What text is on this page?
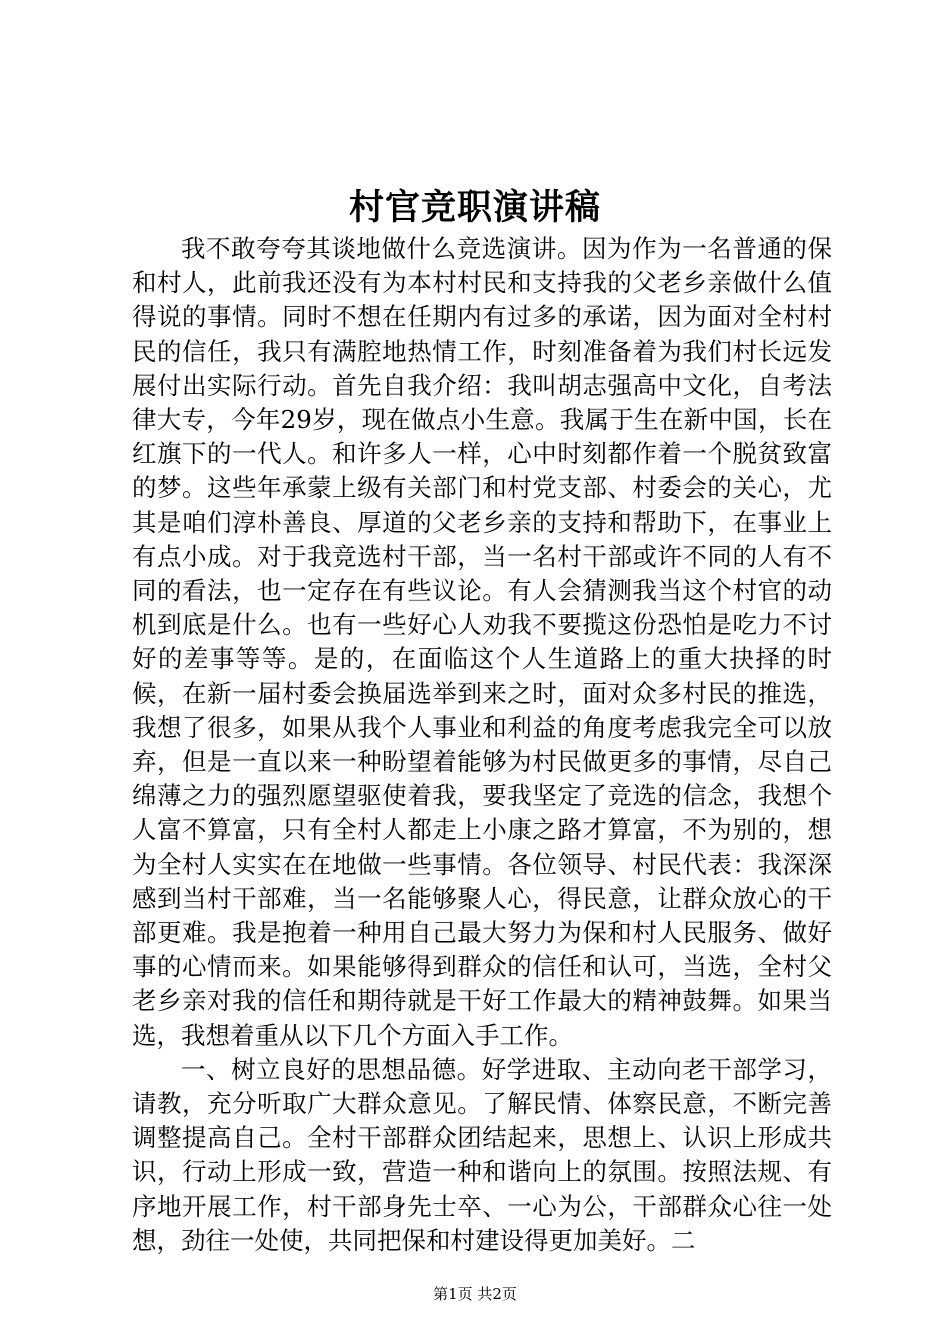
村官竞职演讲稿

我不敢夸夸其谈地做什么竞选演讲。因为作为一名普通的保和村人，此前我还没有为本村村民和支持我的父老乡亲做什么值得说的事情。同时不想在任期内有过多的承诺，因为面对全村村民的信任，我只有满腔地热情工作，时刻准备着为我们村长远发展付出实际行动。首先自我介绍：我叫胡志强高中文化，自考法律大专，今年29岁，现在做点小生意。我属于生在新中国，长在红旗下的一代人。和许多人一样，心中时刻都作着一个脱贫致富的梦。这些年承蒙上级有关部门和村党支部、村委会的关心，尤其是咱们淳朴善良、厚道的父老乡亲的支持和帮助下，在事业上有点小成。对于我竞选村干部，当一名村干部或许不同的人有不同的看法，也一定存在有些议论。有人会猜测我当这个村官的动机到底是什么。也有一些好心人劝我不要揽这份恐怕是吃力不讨好的差事等等。是的，在面临这个人生道路上的重大抉择的时候，在新一届村委会换届选举到来之时，面对众多村民的推选，我想了很多，如果从我个人事业和利益的角度考虑我完全可以放弃，但是一直以来一种盼望着能够为村民做更多的事情，尽自己绵薄之力的强烈愿望驱使着我，要我坚定了竞选的信念，我想个人富不算富，只有全村人都走上小康之路才算富，不为别的，想为全村人实实在在地做一些事情。各位领导、村民代表：我深深感到当村干部难，当一名能够聚人心，得民意，让群众放心的干部更难。我是抱着一种用自己最大努力为保和村人民服务、做好事的心情而来。如果能够得到群众的信任和认可，当选，全村父老乡亲对我的信任和期待就是干好工作最大的精神鼓舞。如果当选，我想着重从以下几个方面入手工作。

一、树立良好的思想品德。好学进取、主动向老干部学习，请教，充分听取广大群众意见。了解民情、体察民意，不断完善调整提高自己。全村干部群众团结起来，思想上、认识上形成共识，行动上形成一致，营造一种和谐向上的氛围。按照法规、有序地开展工作，村干部身先士卒、一心为公，干部群众心往一处想，劲往一处使，共同把保和村建设得更加美好。二

第1页 共2页
